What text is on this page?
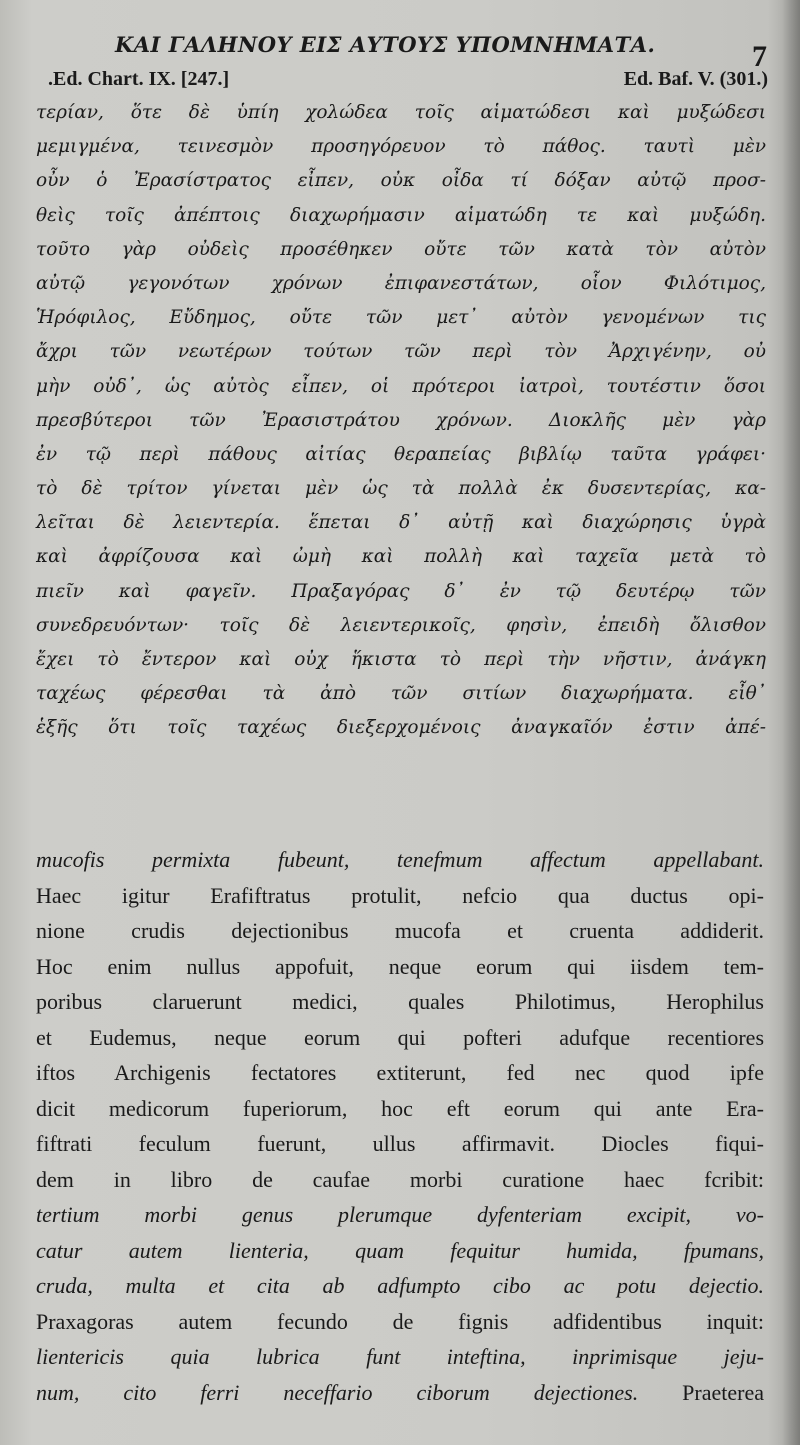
ΚΑΙ ΓΑΛΗΝΟΥ ΕΙΣ ΑΥΤΟΥΣ ΥΠΟΜΝΗΜΑΤΑ.	7
.Ed. Chart. IX. [247.]	Ed. Baf. V. (301.)
τερίαν, ὅτε δὲ ὑπίη χολώδεα τοῖς αἱματώδεσι καὶ μυξώδεσι
μεμιγμένα, τεινεσμὸν προσηγόρευον τὸ πάθος. ταυτὶ μὲν
οὖν ὁ Ἐρασίστρατος εἶπεν, οὐκ οἶδα τί δόξαν αὐτῷ προσ-
θεὶς τοῖς ἀπέπτοις διαχωρήμασιν αἱματώδη τε καὶ μυξώδη.
τοῦτο γὰρ οὐδεὶς προσέθηκεν οὔτε τῶν κατὰ τὸν αὐτὸν
αὐτῷ γεγονότων χρόνων ἐπιφανεστάτων, οἷον Φιλότιμος,
Ἡρόφιλος, Εὔδημος, οὔτε τῶν μετ᾽ αὐτὸν γενομένων τις
ἄχρι τῶν νεωτέρων τούτων τῶν περὶ τὸν Ἀρχιγένην, οὐ
μὴν οὐδ᾽, ὡς αὐτὸς εἶπεν, οἱ πρότεροι ἰατροὶ, τουτέστιν ὅσοι
πρεσβύτεροι τῶν Ἐρασιστράτου χρόνων. Διοκλῆς μὲν γὰρ
ἐν τῷ περὶ πάθους αἰτίας θεραπείας βιβλίῳ ταῦτα γράφει·
τὸ δὲ τρίτον γίνεται μὲν ὡς τὰ πολλὰ ἐκ δυσεντερίας, κα-
λεῖται δὲ λειεντερία. ἕπεται δ᾽ αὐτῇ καὶ διαχώρησις ὑγρὰ
καὶ ἀφρίζουσα καὶ ὠμὴ καὶ πολλὴ καὶ ταχεῖα μετὰ τὸ
πιεῖν καὶ φαγεῖν. Πραξαγόρας δ᾽ ἐν τῷ δευτέρῳ τῶν
συνεδρευόντων· τοῖς δὲ λειεντερικοῖς, φησὶν, ἐπειδὴ ὄλισθον
ἔχει τὸ ἔντερον καὶ οὐχ ἥκιστα τὸ περὶ τὴν νῆστιν, ἀνάγκη
ταχέως φέρεσθαι τὰ ἀπὸ τῶν σιτίων διαχωρήματα. εἶθ᾽
ἑξῆς ὅτι τοῖς ταχέως διεξερχομένοις ἀναγκαῖόν ἐστιν ἀπέ-
mucofis permixta fubeunt, tenefmum affectum appellabant.
Haec igitur Erafiftratus protulit, nefcio qua ductus opi-
nione crudis dejectionibus mucofa et cruenta addiderit.
Hoc enim nullus appofuit, neque eorum qui iisdem tem-
poribus claruerunt medici, quales Philotimus, Herophilus
et Eudemus, neque eorum qui pofteri adufque recentiores
iftos Archigenis fectatores extiterunt, fed nec quod ipfe
dicit medicorum fuperiorum, hoc eft eorum qui ante Era-
fiftrati feculum fuerunt, ullus affirmavit. Diocles fiqui-
dem in libro de caufae morbi curatione haec fcribit:
tertium morbi genus plerumque dyfenteriam excipit, vo-
catur autem lienteria, quam fequitur humida, fpumans,
cruda, multa et cita ab adfumpto cibo ac potu dejectio.
Praxagoras autem fecundo de fignis adfidentibus inquit:
lientericis quia lubrica funt inteftina, inprimisque jeju-
num, cito ferri neceffario ciborum dejectiones. Praeterea
